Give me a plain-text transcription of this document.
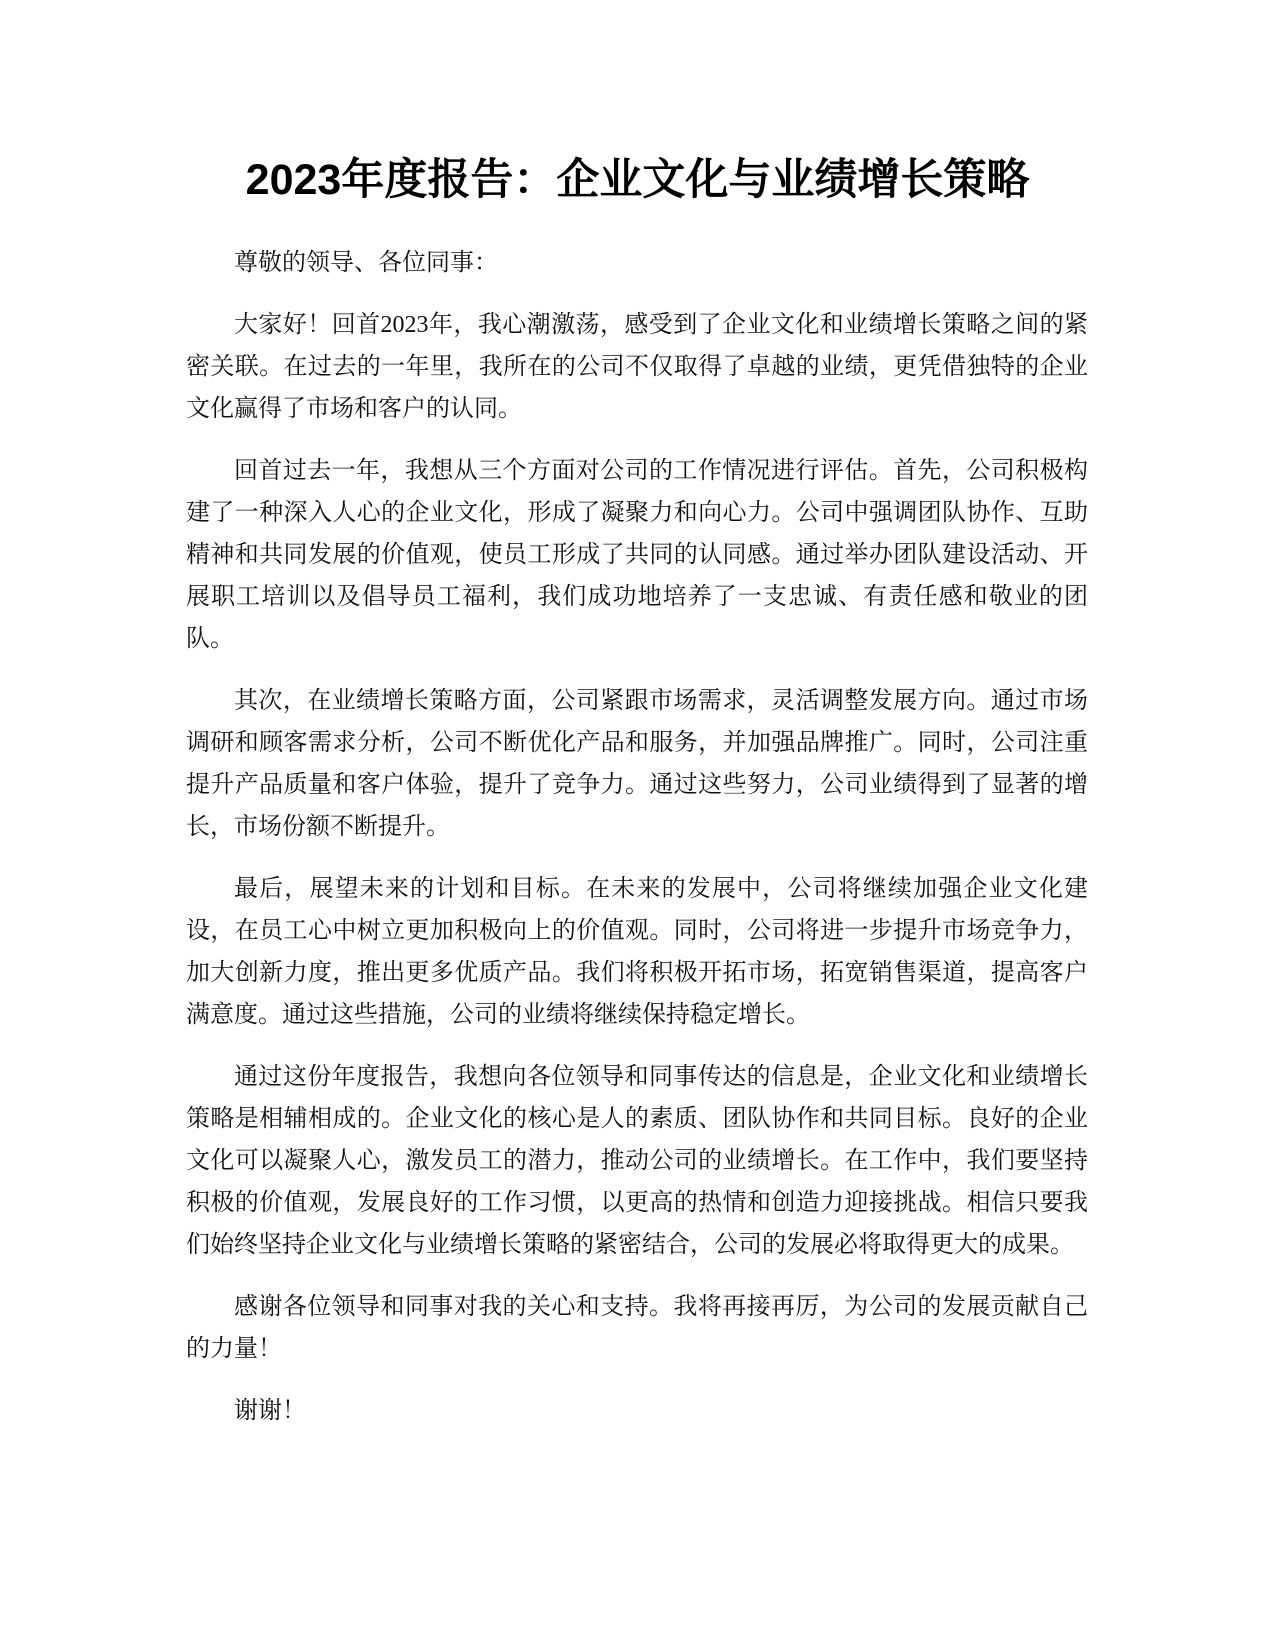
2023年度报告：企业文化与业绩增长策略

尊敬的领导、各位同事：

大家好！回首2023年，我心潮激荡，感受到了企业文化和业绩增长策略之间的紧密关联。在过去的一年里，我所在的公司不仅取得了卓越的业绩，更凭借独特的企业文化赢得了市场和客户的认同。

回首过去一年，我想从三个方面对公司的工作情况进行评估。首先，公司积极构建了一种深入人心的企业文化，形成了凝聚力和向心力。公司中强调团队协作、互助精神和共同发展的价值观，使员工形成了共同的认同感。通过举办团队建设活动、开展职工培训以及倡导员工福利，我们成功地培养了一支忠诚、有责任感和敬业的团队。

其次，在业绩增长策略方面，公司紧跟市场需求，灵活调整发展方向。通过市场调研和顾客需求分析，公司不断优化产品和服务，并加强品牌推广。同时，公司注重提升产品质量和客户体验，提升了竞争力。通过这些努力，公司业绩得到了显著的增长，市场份额不断提升。

最后，展望未来的计划和目标。在未来的发展中，公司将继续加强企业文化建设，在员工心中树立更加积极向上的价值观。同时，公司将进一步提升市场竞争力，加大创新力度，推出更多优质产品。我们将积极开拓市场，拓宽销售渠道，提高客户满意度。通过这些措施，公司的业绩将继续保持稳定增长。

通过这份年度报告，我想向各位领导和同事传达的信息是，企业文化和业绩增长策略是相辅相成的。企业文化的核心是人的素质、团队协作和共同目标。良好的企业文化可以凝聚人心，激发员工的潜力，推动公司的业绩增长。在工作中，我们要坚持积极的价值观，发展良好的工作习惯，以更高的热情和创造力迎接挑战。相信只要我们始终坚持企业文化与业绩增长策略的紧密结合，公司的发展必将取得更大的成果。

感谢各位领导和同事对我的关心和支持。我将再接再厉，为公司的发展贡献自己的力量！

谢谢！
